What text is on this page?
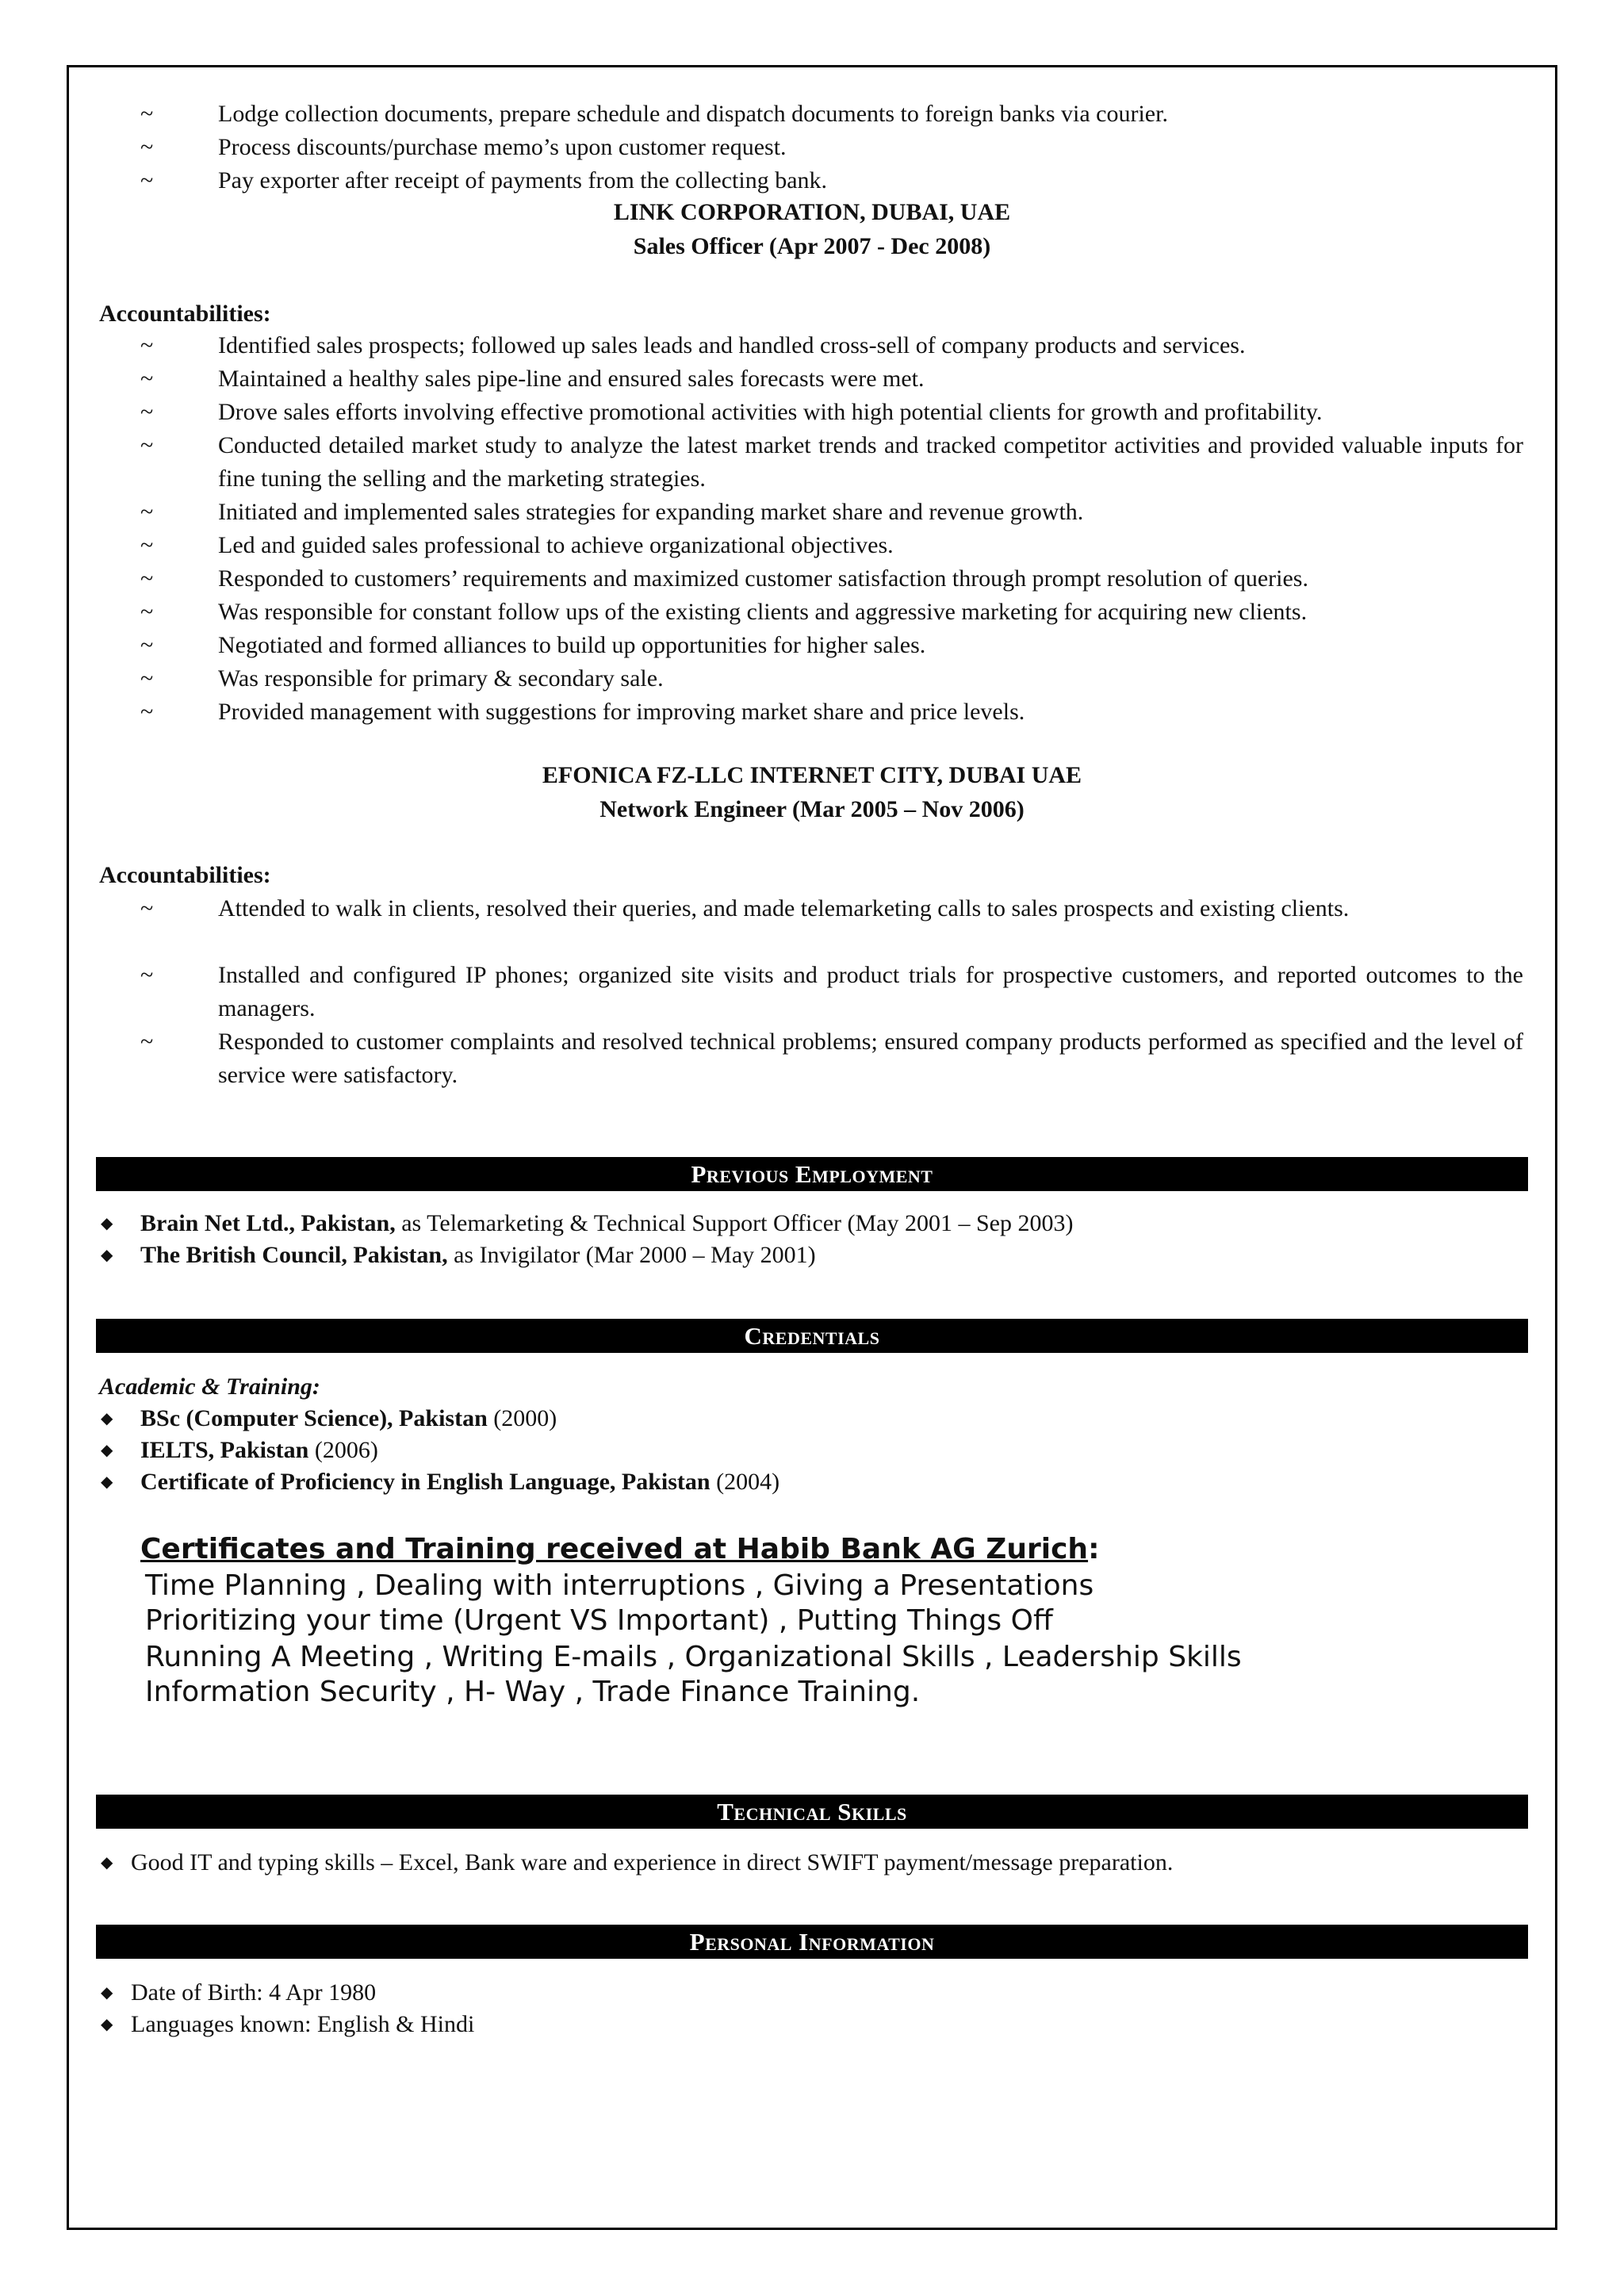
~	Lodge collection documents, prepare schedule and dispatch documents to foreign banks via courier.
~	Process discounts/purchase memo’s upon customer request.
~	Pay exporter after receipt of payments from the collecting bank.
LINK CORPORATION, DUBAI, UAE
Sales Officer (Apr 2007 - Dec 2008)
Accountabilities:
~	Identified sales prospects; followed up sales leads and handled cross-sell of company products and services.
~	Maintained a healthy sales pipe-line and ensured sales forecasts were met.
~	Drove sales efforts involving effective promotional activities with high potential clients for growth and profitability.
~	Conducted detailed market study to analyze the latest market trends and tracked competitor activities and provided valuable inputs for fine tuning the selling and the marketing strategies.
~	Initiated and implemented sales strategies for expanding market share and revenue growth.
~	Led and guided sales professional to achieve organizational objectives.
~	Responded to customers’ requirements and maximized customer satisfaction through prompt resolution of queries.
~	Was responsible for constant follow ups of the existing clients and aggressive marketing for acquiring new clients.
~	Negotiated and formed alliances to build up opportunities for higher sales.
~	Was responsible for primary & secondary sale.
~	Provided management with suggestions for improving market share and price levels.
EFONICA FZ-LLC INTERNET CITY, DUBAI UAE
Network Engineer (Mar 2005 – Nov 2006)
Accountabilities:
~	Attended to walk in clients, resolved their queries, and made telemarketing calls to sales prospects and existing clients.
~	Installed and configured IP phones; organized site visits and product trials for prospective customers, and reported outcomes to the managers.
~	Responded to customer complaints and resolved technical problems; ensured company products performed as specified and the level of service were satisfactory.
Previous Employment
◆	Brain Net Ltd., Pakistan, as Telemarketing & Technical Support Officer (May 2001 – Sep 2003)
◆	The British Council, Pakistan, as Invigilator (Mar 2000 – May 2001)
Credentials
Academic & Training:
◆	BSc (Computer Science), Pakistan (2000)
◆	IELTS, Pakistan (2006)
◆	Certificate of Proficiency in English Language, Pakistan (2004)
Certificates and Training received at Habib Bank AG Zurich:
Time Planning , Dealing with interruptions , Giving a Presentations
Prioritizing your time (Urgent VS Important) , Putting Things Off
Running A Meeting , Writing E-mails , Organizational Skills , Leadership Skills
Information Security , H- Way , Trade Finance Training.
Technical Skills
◆ Good IT and typing skills – Excel, Bank ware and experience in direct SWIFT payment/message preparation.
Personal Information
◆ Date of Birth: 4 Apr 1980
◆ Languages known: English & Hindi
